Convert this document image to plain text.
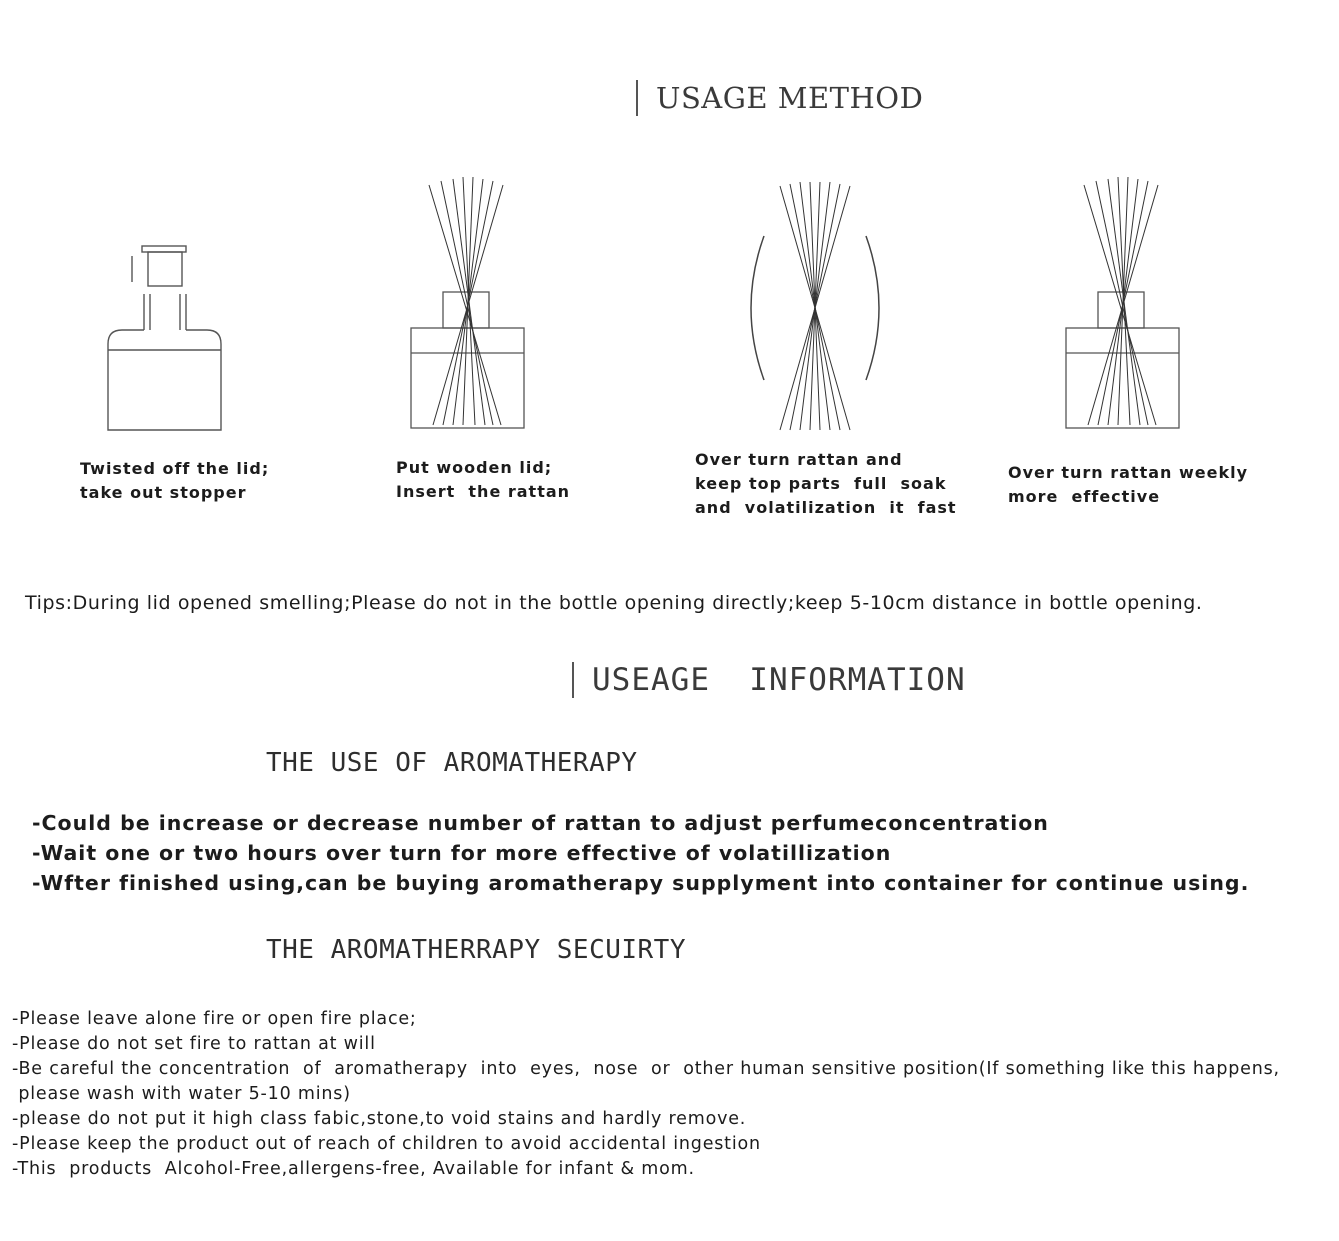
USAGE METHOD
Twisted off the lid;
take out stopper
Put wooden lid;
Insert  the rattan
Over turn rattan and
keep top parts  full  soak
and  volatilization  it  fast
Over turn rattan weekly
more  effective
Tips:During lid opened smelling;Please do not in the bottle opening directly;keep 5-10cm distance in bottle opening.
USEAGE  INFORMATION
THE USE OF AROMATHERAPY
-Could be increase or decrease number of rattan to adjust perfumeconcentration
-Wait one or two hours over turn for more effective of volatillization
-Wfter finished using,can be buying aromatherapy supplyment into container for continue using.
THE AROMATHERRAPY SECUIRTY
-Please leave alone fire or open fire place;
-Please do not set fire to rattan at will
-Be careful the concentration  of  aromatherapy  into  eyes,  nose  or  other human sensitive position(If something like this happens,
please wash with water 5-10 mins)
-please do not put it high class fabic,stone,to void stains and hardly remove.
-Please keep the product out of reach of children to avoid accidental ingestion
-This  products  Alcohol-Free,allergens-free, Available for infant & mom.
